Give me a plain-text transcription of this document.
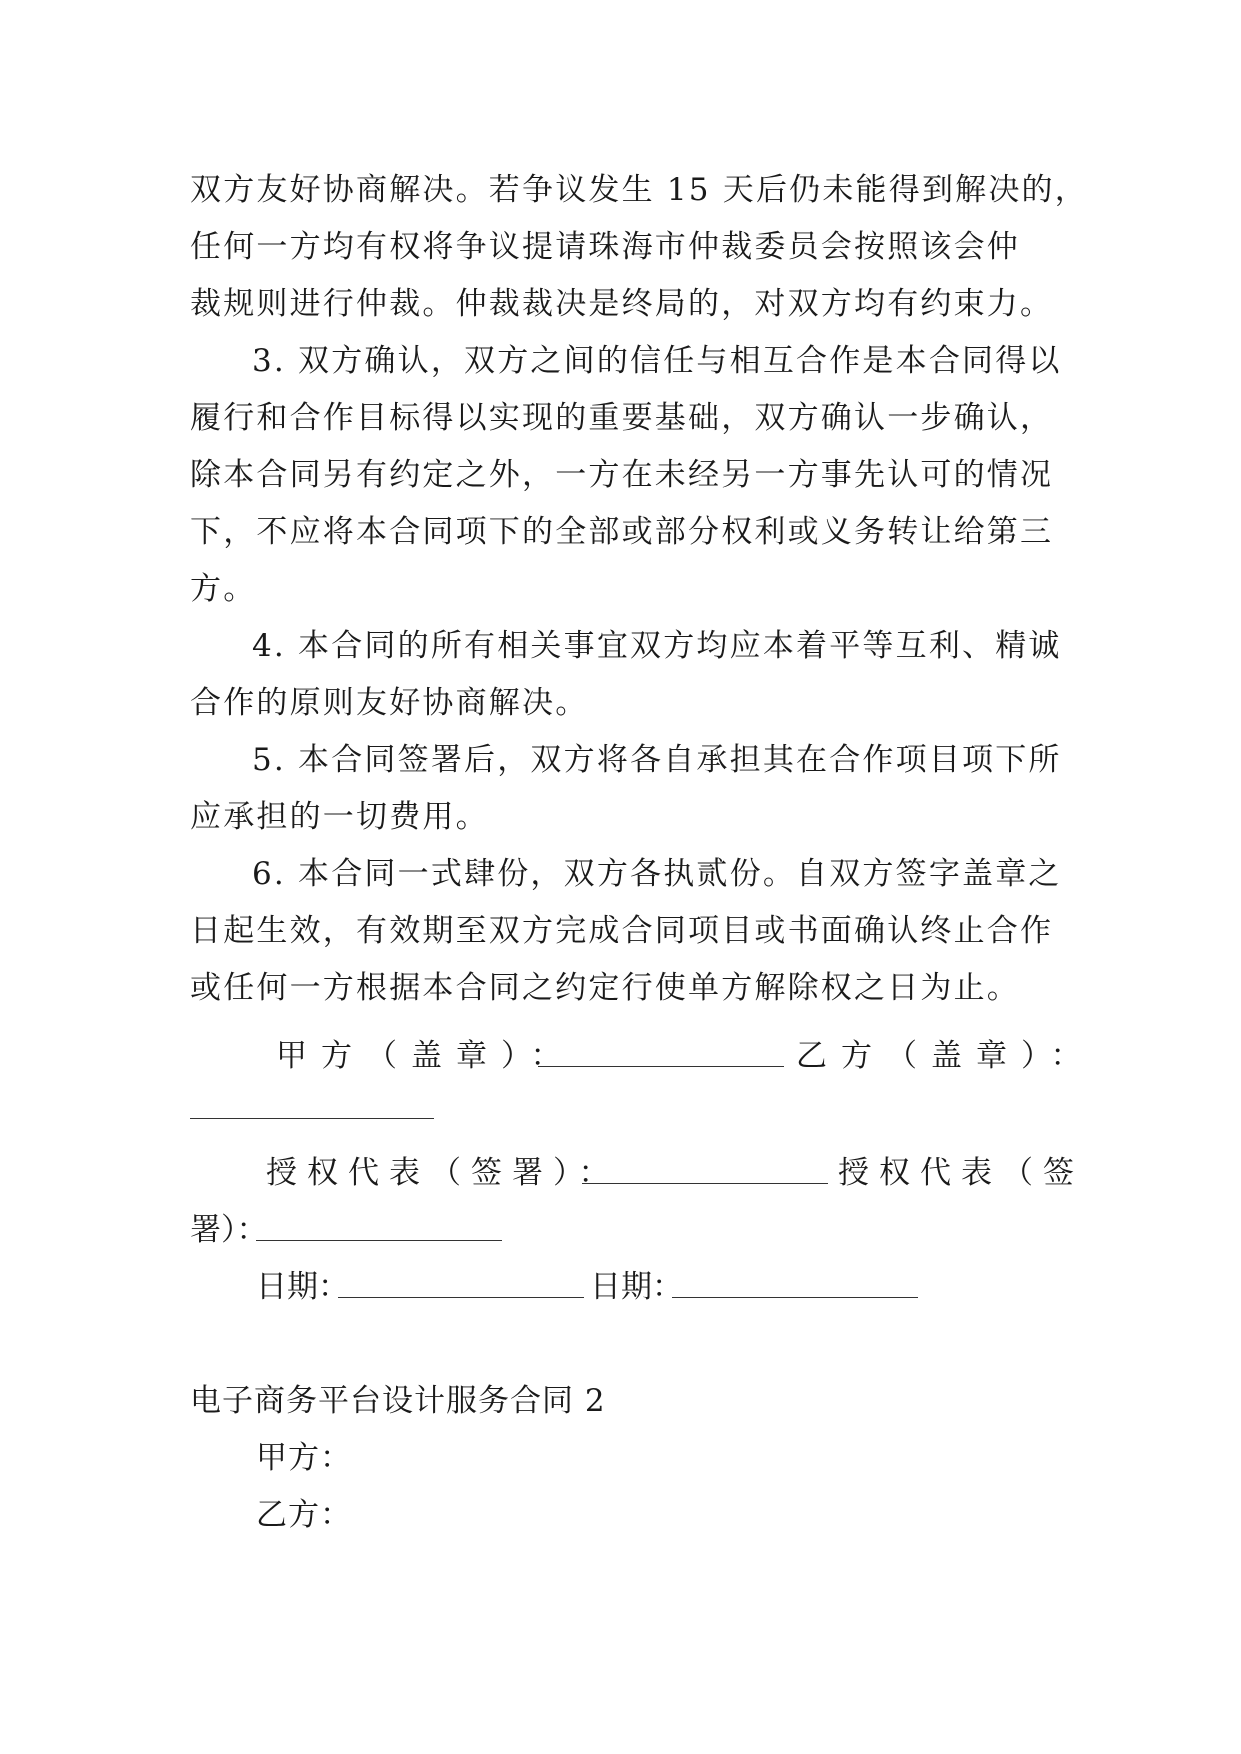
双方友好协商解决。若争议发生 15 天后仍未能得到解决的，
任何一方均有权将争议提请珠海市仲裁委员会按照该会仲
裁规则进行仲裁。仲裁裁决是终局的，对双方均有约束力。
3. 双方确认，双方之间的信任与相互合作是本合同得以
履行和合作目标得以实现的重要基础，双方确认一步确认，
除本合同另有约定之外，一方在未经另一方事先认可的情况
下，不应将本合同项下的全部或部分权利或义务转让给第三
方。
4. 本合同的所有相关事宜双方均应本着平等互利、精诚
合作的原则友好协商解决。
5. 本合同签署后，双方将各自承担其在合作项目项下所
应承担的一切费用。
6. 本合同一式肆份，双方各执贰份。自双方签字盖章之
日起生效，有效期至双方完成合同项目或书面确认终止合作
或任何一方根据本合同之约定行使单方解除权之日为止。
甲方（盖章）：	乙方（盖章）：
授权代表（签署）：	授权代表（签
署）：
日期：	日期：
电子商务平台设计服务合同 2
甲方：
乙方：
